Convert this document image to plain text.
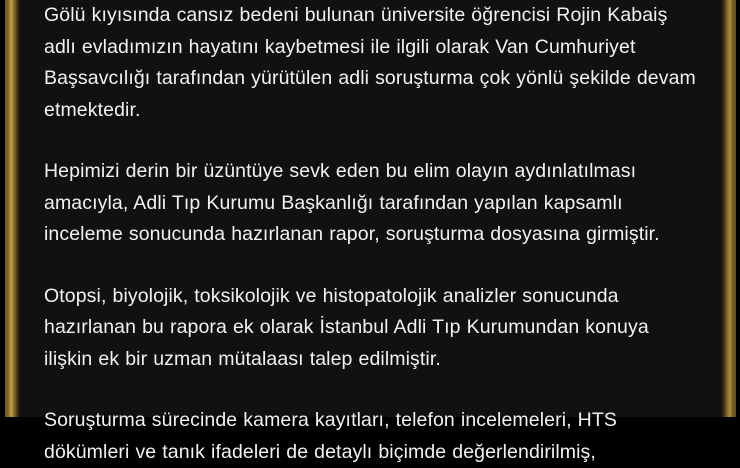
Gölü kıyısında cansız bedeni bulunan üniversite öğrencisi Rojin Kabaiş adlı evladımızın hayatını kaybetmesi ile ilgili olarak Van Cumhuriyet Başsavcılığı tarafından yürütülen adli soruşturma çok yönlü şekilde devam etmektedir.

Hepimizi derin bir üzüntüye sevk eden bu elim olayın aydınlatılması amacıyla, Adli Tıp Kurumu Başkanlığı tarafından yapılan kapsamlı inceleme sonucunda hazırlanan rapor, soruşturma dosyasına girmiştir.

Otopsi, biyolojik, toksikolojik ve histopatolojik analizler sonucunda hazırlanan bu rapora ek olarak İstanbul Adli Tıp Kurumundan konuya ilişkin ek bir uzman mütalaası talep edilmiştir.

Soruşturma sürecinde kamera kayıtları, telefon incelemeleri, HTS dökümleri ve tanık ifadeleri de detaylı biçimde değerlendirilmiş,
